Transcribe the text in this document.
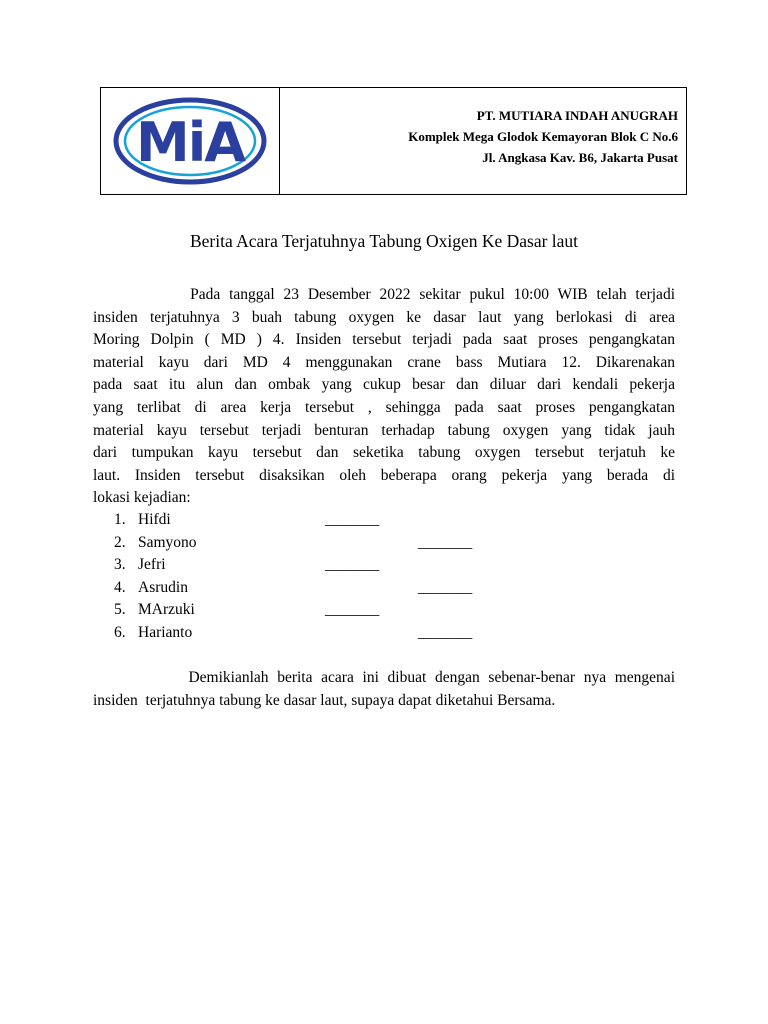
MiA	PT. MUTIARA INDAH ANUGRAH
Komplek Mega Glodok Kemayoran Blok C No.6
Jl. Angkasa Kav. B6, Jakarta Pusat
Berita Acara Terjatuhnya Tabung Oxigen Ke Dasar laut
Pada tanggal 23 Desember 2022 sekitar pukul 10:00 WIB telah terjadi
insiden terjatuhnya 3 buah tabung oxygen ke dasar laut yang berlokasi di area
Moring Dolpin ( MD ) 4. Insiden tersebut terjadi pada saat proses pengangkatan
material kayu dari MD 4 menggunakan crane bass Mutiara 12. Dikarenakan
pada saat itu alun dan ombak yang cukup besar dan diluar dari kendali pekerja
yang terlibat di area kerja tersebut , sehingga pada saat proses pengangkatan
material kayu tersebut terjadi benturan terhadap tabung oxygen yang tidak jauh
dari tumpukan kayu tersebut dan seketika tabung oxygen tersebut terjatuh ke
laut. Insiden tersebut disaksikan oleh beberapa orang pekerja yang berada di
lokasi kejadian:
1. Hifdi	_______
2. Samyono	_______
3. Jefri	_______
4. Asrudin	_______
5. MArzuki	_______
6. Harianto	_______
Demikianlah berita acara ini dibuat dengan sebenar-benar nya mengenai
insiden  terjatuhnya tabung ke dasar laut, supaya dapat diketahui Bersama.
